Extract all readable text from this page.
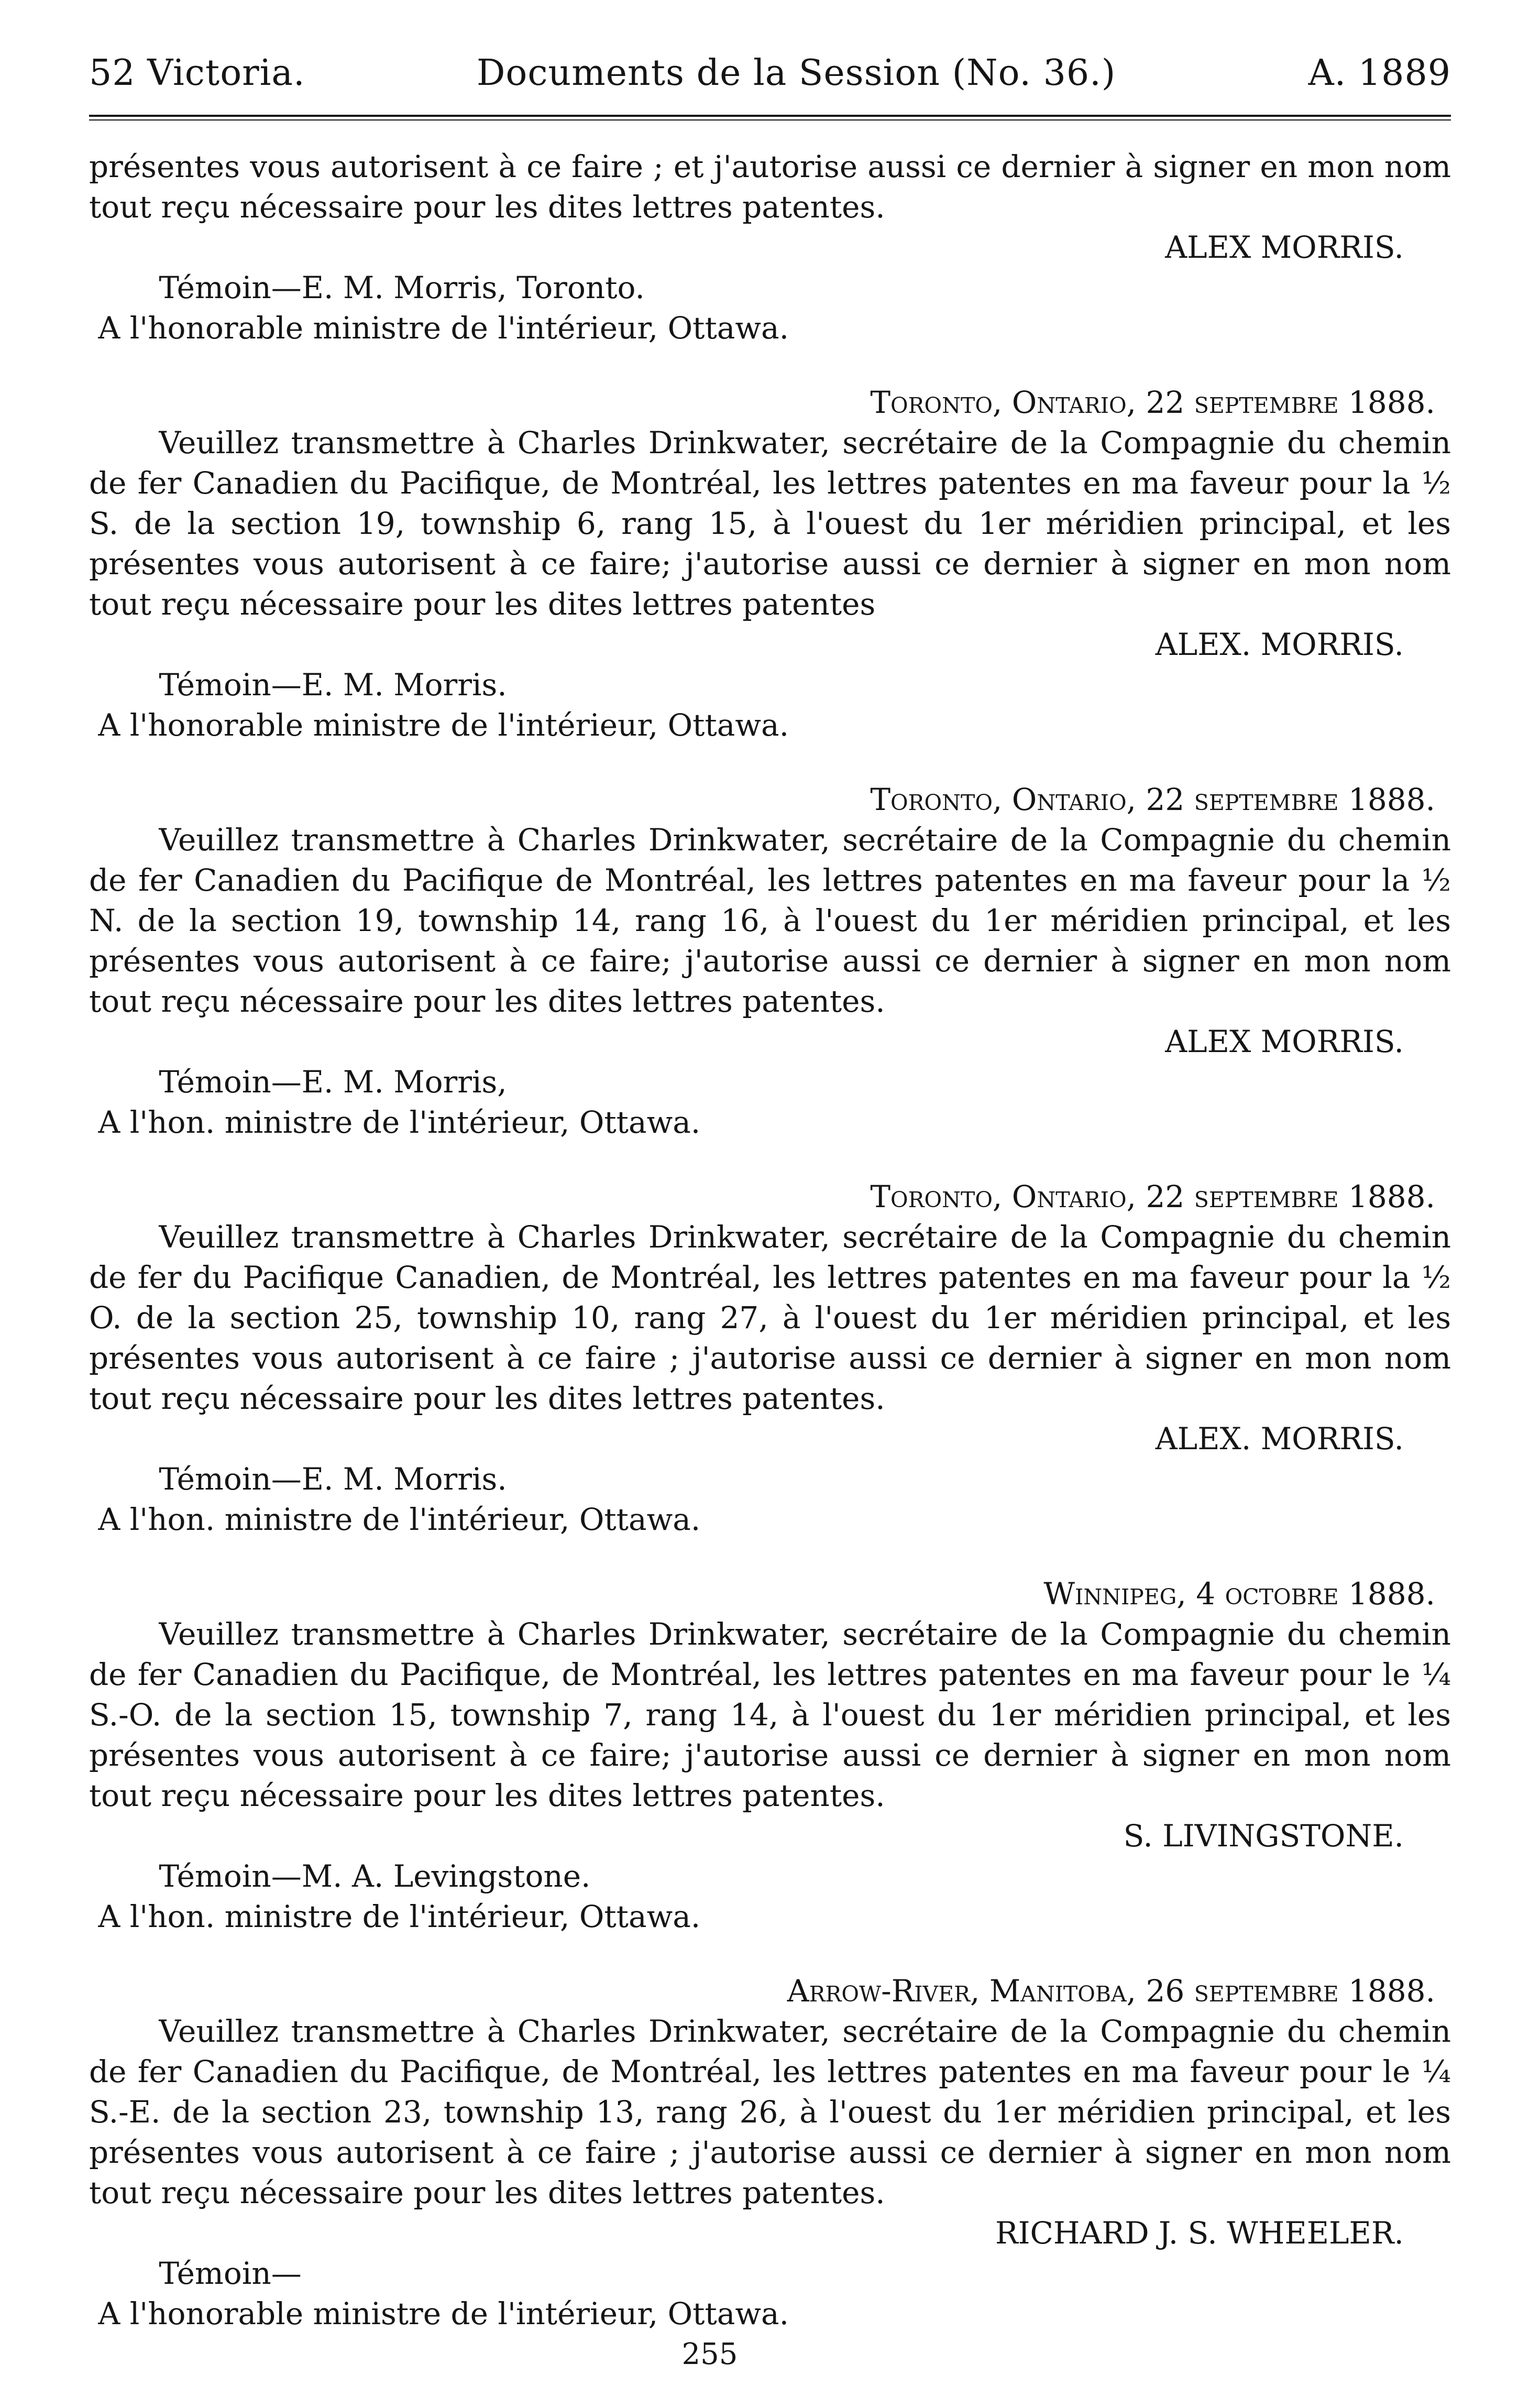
52 Victoria.	Documents de la Session (No. 36.)	A. 1889

présentes vous autorisent à ce faire ; et j'autorise aussi ce dernier à signer en mon nom tout reçu nécessaire pour les dites lettres patentes.

ALEX MORRIS.

Témoin—E. M. Morris, Toronto.

A l'honorable ministre de l'intérieur, Ottawa.

Toronto, Ontario, 22 septembre 1888.

Veuillez transmettre à Charles Drinkwater, secrétaire de la Compagnie du chemin de fer Canadien du Pacifique, de Montréal, les lettres patentes en ma faveur pour la ½ S. de la section 19, township 6, rang 15, à l'ouest du 1er méridien principal, et les présentes vous autorisent à ce faire; j'autorise aussi ce dernier à signer en mon nom tout reçu nécessaire pour les dites lettres patentes

ALEX. MORRIS.

Témoin—E. M. Morris.

A l'honorable ministre de l'intérieur, Ottawa.

Toronto, Ontario, 22 septembre 1888.

Veuillez transmettre à Charles Drinkwater, secrétaire de la Compagnie du chemin de fer Canadien du Pacifique de Montréal, les lettres patentes en ma faveur pour la ½ N. de la section 19, township 14, rang 16, à l'ouest du 1er méridien principal, et les présentes vous autorisent à ce faire; j'autorise aussi ce dernier à signer en mon nom tout reçu nécessaire pour les dites lettres patentes.

ALEX MORRIS.

Témoin—E. M. Morris,

A l'hon. ministre de l'intérieur, Ottawa.

Toronto, Ontario, 22 septembre 1888.

Veuillez transmettre à Charles Drinkwater, secrétaire de la Compagnie du chemin de fer du Pacifique Canadien, de Montréal, les lettres patentes en ma faveur pour la ½ O. de la section 25, township 10, rang 27, à l'ouest du 1er méridien principal, et les présentes vous autorisent à ce faire ; j'autorise aussi ce dernier à signer en mon nom tout reçu nécessaire pour les dites lettres patentes.

ALEX. MORRIS.

Témoin—E. M. Morris.

A l'hon. ministre de l'intérieur, Ottawa.

Winnipeg, 4 octobre 1888.

Veuillez transmettre à Charles Drinkwater, secrétaire de la Compagnie du chemin de fer Canadien du Pacifique, de Montréal, les lettres patentes en ma faveur pour le ¼ S.-O. de la section 15, township 7, rang 14, à l'ouest du 1er méridien principal, et les présentes vous autorisent à ce faire; j'autorise aussi ce dernier à signer en mon nom tout reçu nécessaire pour les dites lettres patentes.

S. LIVINGSTONE.

Témoin—M. A. Levingstone.

A l'hon. ministre de l'intérieur, Ottawa.

Arrow-River, Manitoba, 26 septembre 1888.

Veuillez transmettre à Charles Drinkwater, secrétaire de la Compagnie du chemin de fer Canadien du Pacifique, de Montréal, les lettres patentes en ma faveur pour le ¼ S.-E. de la section 23, township 13, rang 26, à l'ouest du 1er méridien principal, et les présentes vous autorisent à ce faire ; j'autorise aussi ce dernier à signer en mon nom tout reçu nécessaire pour les dites lettres patentes.

RICHARD J. S. WHEELER.

Témoin—

A l'honorable ministre de l'intérieur, Ottawa.

255
